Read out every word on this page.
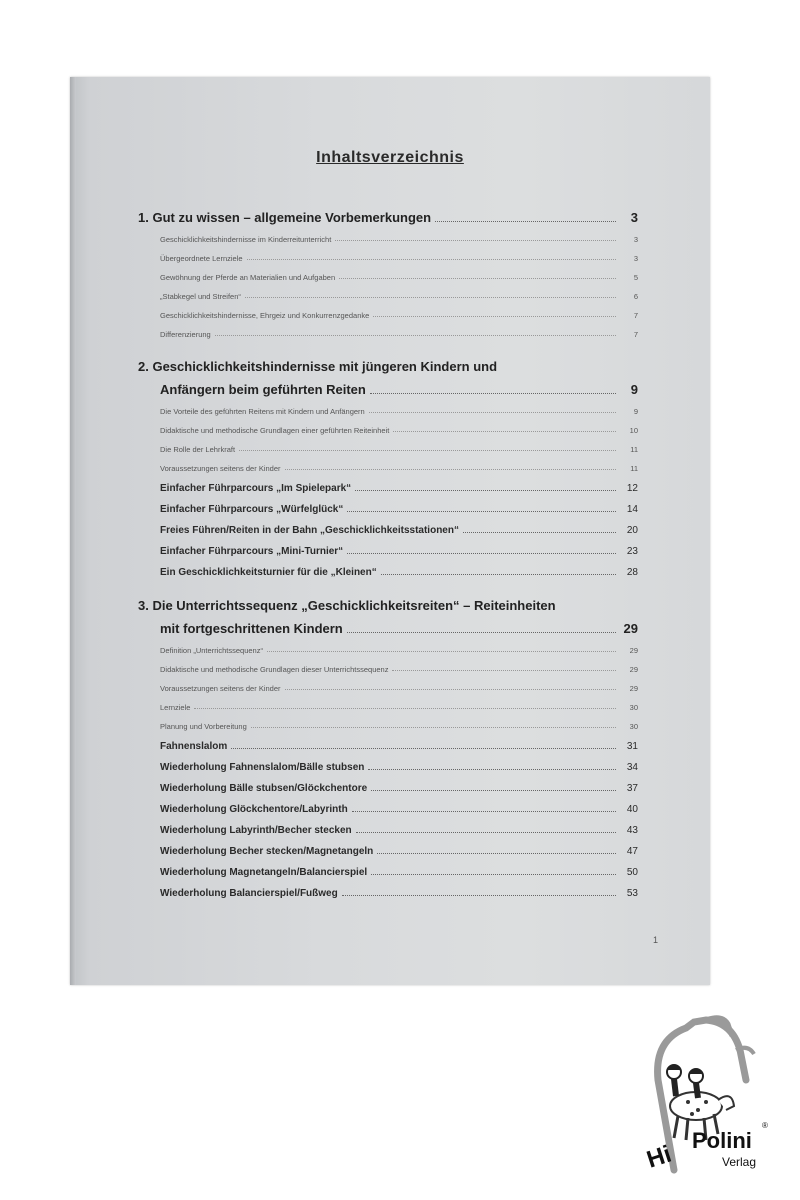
Inhaltsverzeichnis
1. Gut zu wissen – allgemeine Vorbemerkungen	3
Geschicklichkeitshindernisse im Kinderreitunterricht	3
Übergeordnete Lernziele	3
Gewöhnung der Pferde an Materialien und Aufgaben	5
„Stabkegel und Streifen“	6
Geschicklichkeitshindernisse, Ehrgeiz und Konkurrenzgedanke	7
Differenzierung	7
2. Geschicklichkeitshindernisse mit jüngeren Kindern und
Anfängern beim geführten Reiten	9
Die Vorteile des geführten Reitens mit Kindern und Anfängern	9
Didaktische und methodische Grundlagen einer geführten Reiteinheit	10
Die Rolle der Lehrkraft	11
Voraussetzungen seitens der Kinder	11
Einfacher Führparcours „Im Spielepark“	12
Einfacher Führparcours „Würfelglück“	14
Freies Führen/Reiten in der Bahn „Geschicklichkeitsstationen“	20
Einfacher Führparcours „Mini-Turnier“	23
Ein Geschicklichkeitsturnier für die „Kleinen“	28
3. Die Unterrichtssequenz „Geschicklichkeitsreiten“ – Reiteinheiten
mit fortgeschrittenen Kindern	29
Definition „Unterrichtssequenz“	29
Didaktische und methodische Grundlagen dieser Unterrichtssequenz	29
Voraussetzungen seitens der Kinder	29
Lernziele	30
Planung und Vorbereitung	30
Fahnenslalom	31
Wiederholung Fahnenslalom/Bälle stubsen	34
Wiederholung Bälle stubsen/Glöckchentore	37
Wiederholung Glöckchentore/Labyrinth	40
Wiederholung Labyrinth/Becher stecken	43
Wiederholung Becher stecken/Magnetangeln	47
Wiederholung Magnetangeln/Balancierspiel	50
Wiederholung Balancierspiel/Fußweg	53
1
Hi
Polini
®
Verlag
